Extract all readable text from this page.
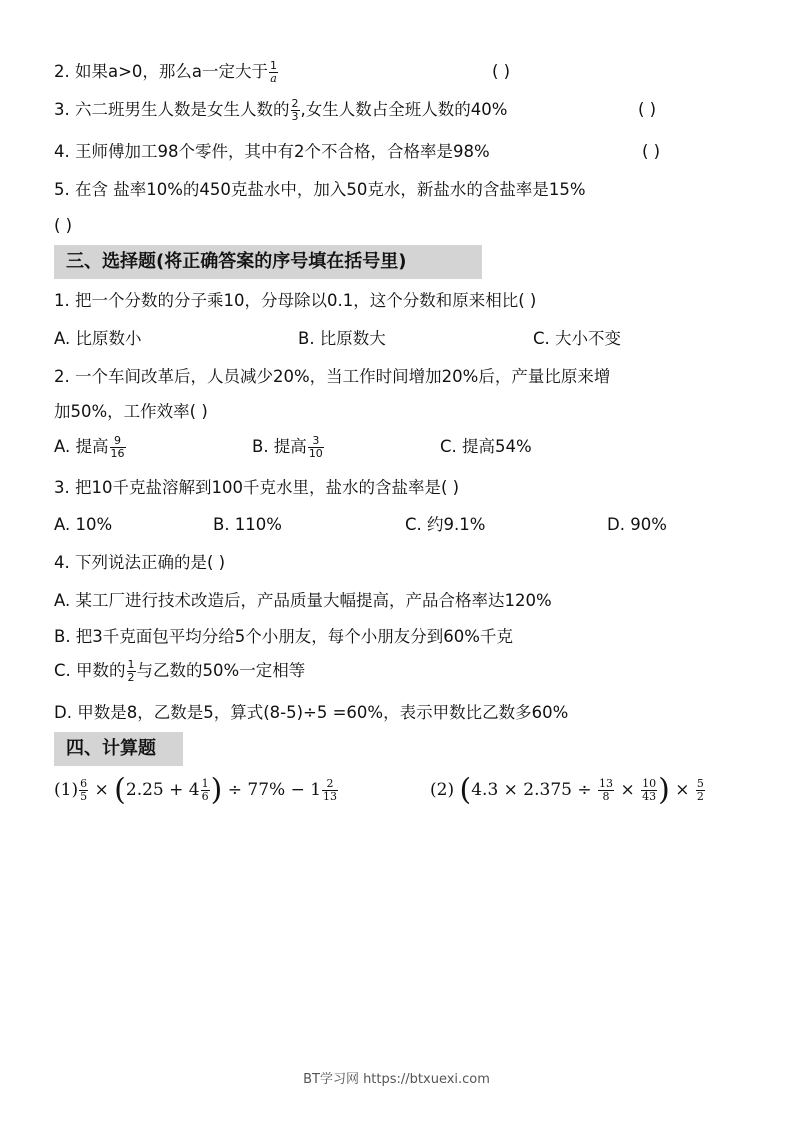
2. 如果a>0，那么a一定大于 $\frac{1}{a}$	( )
3. 六二班男生人数是女生人数的 $\frac{2}{3}$ ,女生人数占全班人数的40%	( )
4. 王师傅加工98个零件，其中有2个不合格，合格率是98%	( )
5. 在含 盐率10%的450克盐水中，加入50克水，新盐水的含盐率是15%
( )
三、选择题(将正确答案的序号填在括号里)
1. 把一个分数的分子乘10，分母除以0.1，这个分数和原来相比( )
A. 比原数小	B. 比原数大	C. 大小不变
2. 一个车间改革后，人员减少20%，当工作时间增加20%后，产量比原来增
加50%，工作效率( )
A. 提高 $\frac{9}{16}$	B. 提高 $\frac{3}{10}$	C. 提高54%
3. 把10千克盐溶解到100千克水里，盐水的含盐率是( )
A. 10%	B. 110%	C. 约9.1%	D. 90%
4. 下列说法正确的是( )
A. 某工厂进行技术改造后，产品质量大幅提高，产品合格率达120%
B. 把3千克面包平均分给5个小朋友，每个小朋友分到60%千克
C. 甲数的 $\frac{1}{2}$ 与乙数的50%一定相等
D. 甲数是8，乙数是5，算式(8-5)÷5 =60%，表示甲数比乙数多60%
四、计算题
$(1) \frac{6}{5} \times (2.25 + 4 \frac{1}{6}$ ) ÷ $77\% - 1 \frac{2}{13}$	(2) ($4.3 \times 2.375 \div \frac{13}{8} \times \frac{10}{43}$ ) × $\frac{5}{2}$
BT学习网 https://btxuexi.com
